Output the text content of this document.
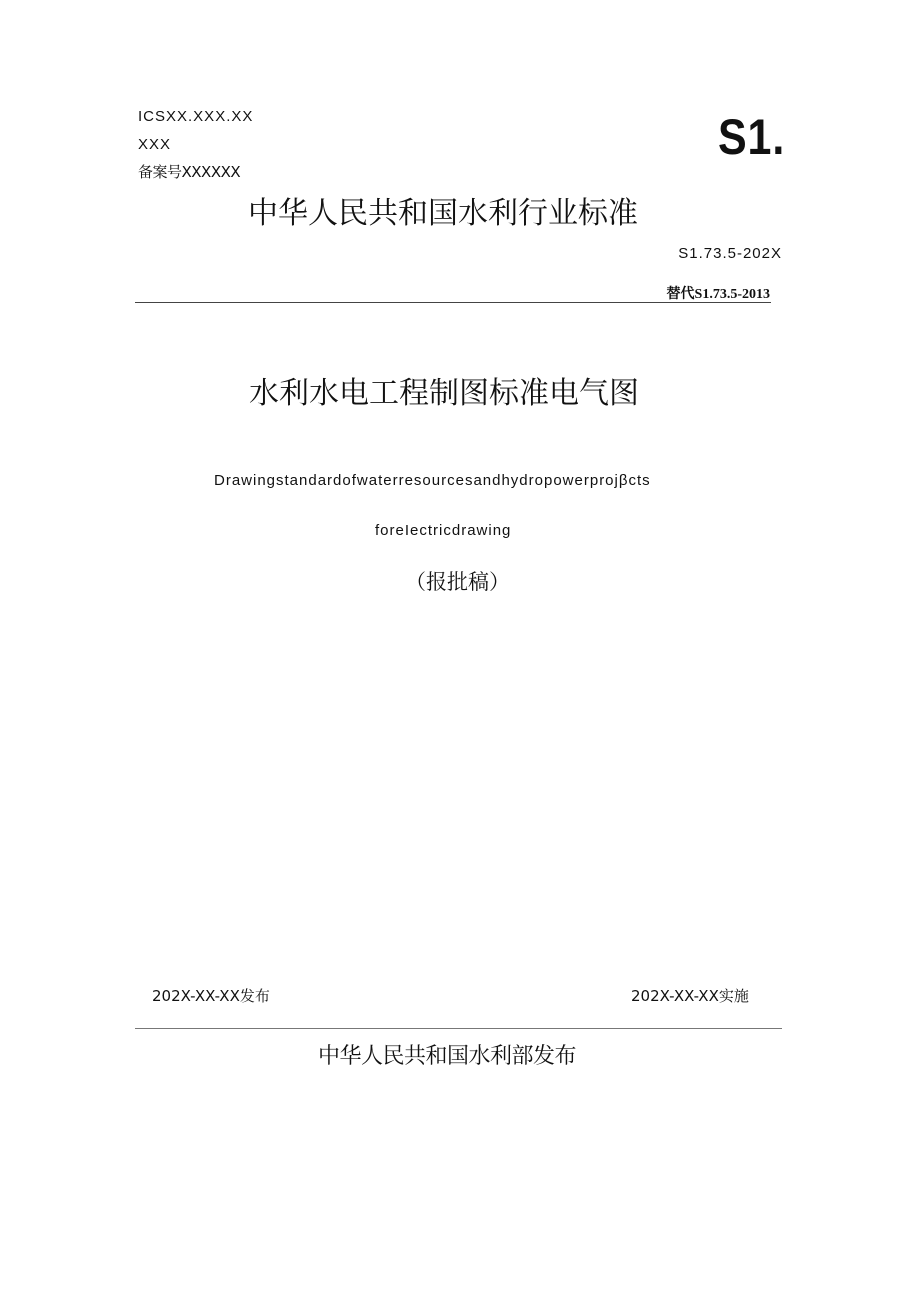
ICSXX.XXX.XX
XXX
备案号XXXXXX
S1.
中华人民共和国水利行业标准
S1.73.5-202X
替代S1.73.5-2013
水利水电工程制图标准电气图
Drawingstandardofwaterresourcesandhydropowerprojβcts
foreIectricdrawing
（报批稿）
202X-XX-XX发布	202X-XX-XX实施
中华人民共和国水利部发布
